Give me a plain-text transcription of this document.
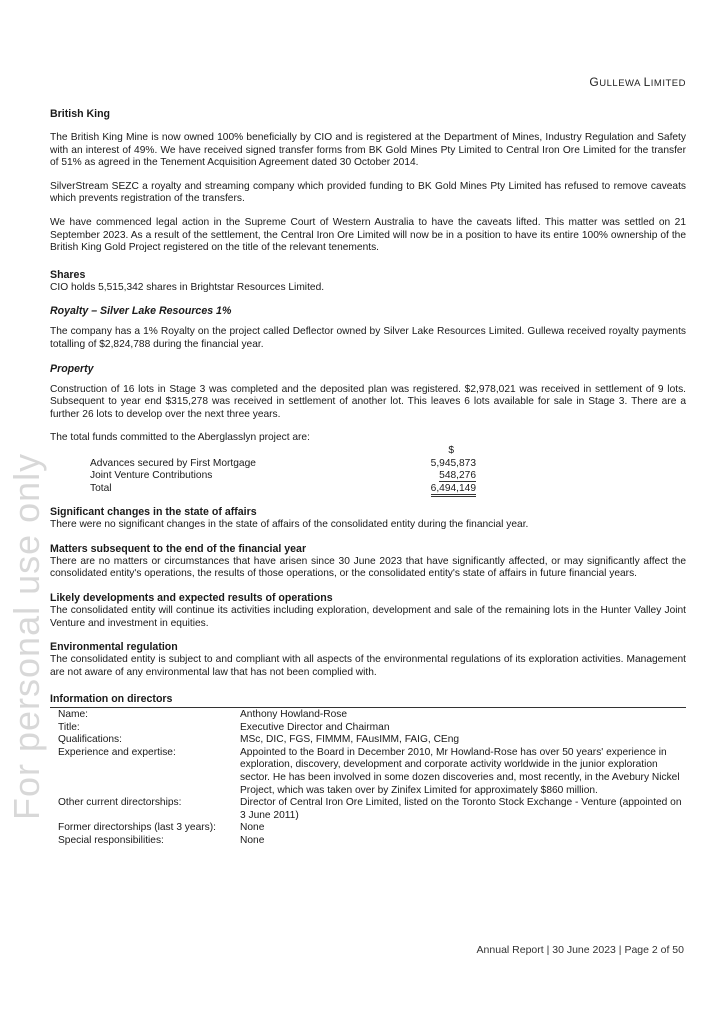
For personal use only
GULLEWA LIMITED
British King

The British King Mine is now owned 100% beneficially by CIO and is registered at the Department of Mines, Industry Regulation and Safety with an interest of 49%. We have received signed transfer forms from BK Gold Mines Pty Limited to Central Iron Ore Limited for the transfer of 51% as agreed in the Tenement Acquisition Agreement dated 30 October 2014.

SilverStream SEZC a royalty and streaming company which provided funding to BK Gold Mines Pty Limited has refused to remove caveats which prevents registration of the transfers.

We have commenced legal action in the Supreme Court of Western Australia to have the caveats lifted. This matter was settled on 21 September 2023. As a result of the settlement, the Central Iron Ore Limited will now be in a position to have its entire 100% ownership of the British King Gold Project registered on the title of the relevant tenements.

Shares

CIO holds 5,515,342 shares in Brightstar Resources Limited.

Royalty – Silver Lake Resources 1%

The company has a 1% Royalty on the project called Deflector owned by Silver Lake Resources Limited. Gullewa received royalty payments totalling of $2,824,788 during the financial year.

Property

Construction of 16 lots in Stage 3 was completed and the deposited plan was registered. $2,978,021 was received in settlement of 9 lots. Subsequent to year end $315,278 was received in settlement of another lot. This leaves 6 lots available for sale in Stage 3. There are a further 26 lots to develop over the next three years.

The total funds committed to the Aberglasslyn project are:

$
Advances secured by First Mortgage	5,945,873
Joint Venture Contributions	548,276
Total	6,494,149
Significant changes in the state of affairs

There were no significant changes in the state of affairs of the consolidated entity during the financial year.

Matters subsequent to the end of the financial year

There are no matters or circumstances that have arisen since 30 June 2023 that have significantly affected, or may significantly affect the consolidated entity's operations, the results of those operations, or the consolidated entity's state of affairs in future financial years.

Likely developments and expected results of operations

The consolidated entity will continue its activities including exploration, development and sale of the remaining lots in the Hunter Valley Joint Venture and investment in equities.

Environmental regulation

The consolidated entity is subject to and compliant with all aspects of the environmental regulations of its exploration activities. Management are not aware of any environmental law that has not been complied with.

Information on directors
Name:	Anthony Howland-Rose
Title:	Executive Director and Chairman
Qualifications:	MSc, DIC, FGS, FIMMM, FAusIMM, FAIG, CEng
Experience and expertise:	Appointed to the Board in December 2010, Mr Howland-Rose has over 50 years' experience in exploration, discovery, development and corporate activity worldwide in the junior exploration sector. He has been involved in some dozen discoveries and, most recently, in the Avebury Nickel Project, which was taken over by Zinifex Limited for approximately $860 million.
Other current directorships:	Director of Central Iron Ore Limited, listed on the Toronto Stock Exchange - Venture (appointed on 3 June 2011)
Former directorships (last 3 years):	None
Special responsibilities:	None
Annual Report | 30 June 2023 | Page 2 of 50
